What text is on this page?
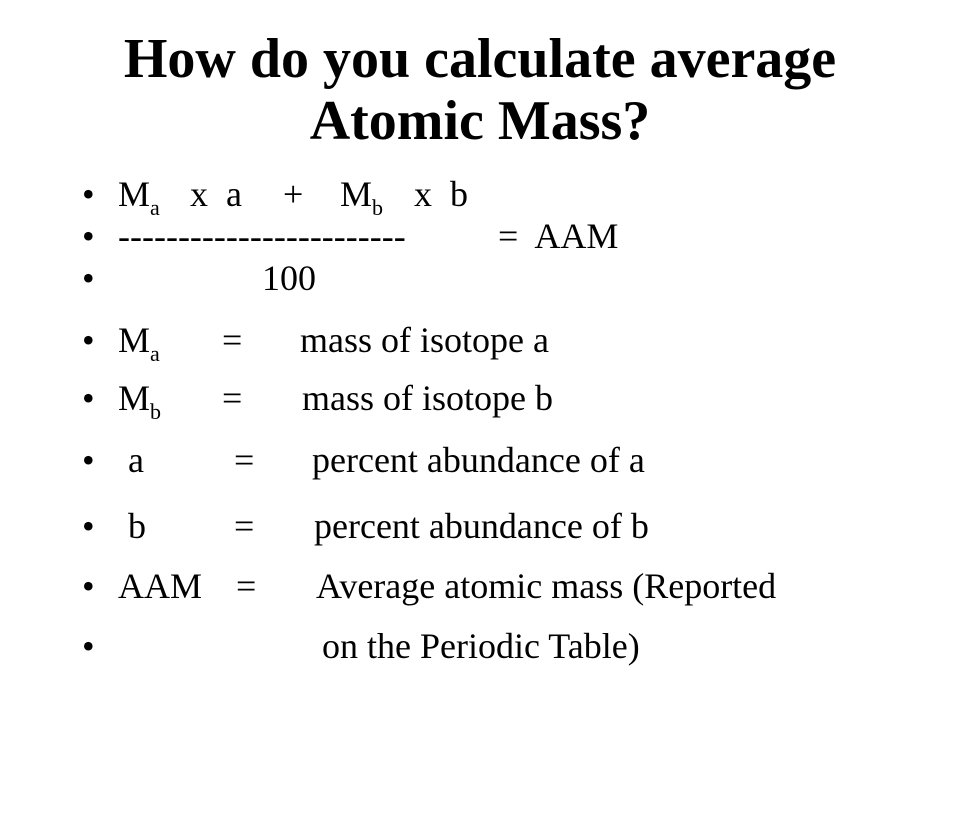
How do you calculate average
Atomic Mass?

•

$M_a$

x  a

+

$M_b$

x  b

•

------------------------

	=  AAM

•

	100

•

$M_a$

=

mass of isotope a

•

$M_b$

=

mass of isotope b

•

a

	=

percent abundance of a

•

b

=

percent abundance of b

•

AAM

=

Average atomic mass (Reported

•

	on the Periodic Table)
